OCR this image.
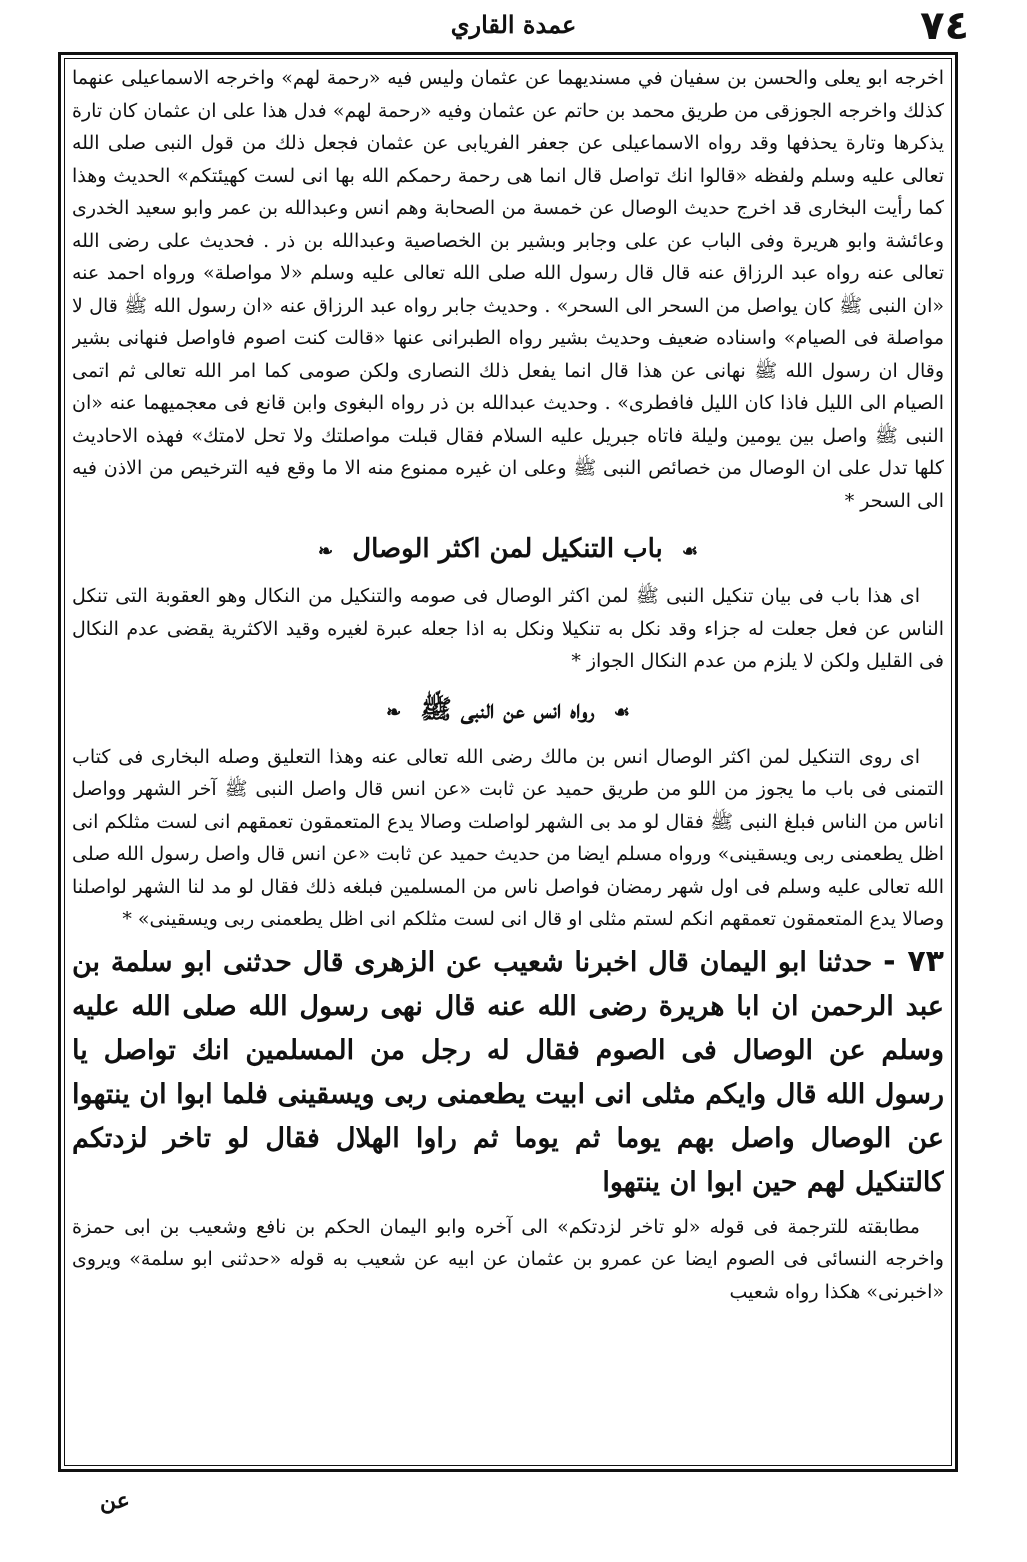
٧٤
عمدة القاري

اخرجه ابو يعلى والحسن بن سفيان في مسنديهما عن عثمان وليس فيه «رحمة لهم» واخرجه الاسماعيلى عنهما كذلك واخرجه الجوزقى من طريق محمد بن حاتم عن عثمان وفيه «رحمة لهم» فدل هذا على ان عثمان كان تارة يذكرها وتارة يحذفها وقد رواه الاسماعيلى عن جعفر الفريابى عن عثمان فجعل ذلك من قول النبى صلى الله تعالى عليه وسلم ولفظه «قالوا انك تواصل قال انما هى رحمة رحمكم الله بها انى لست كهيئتكم» الحديث وهذا كما رأيت البخارى قد اخرج حديث الوصال عن خمسة من الصحابة وهم انس وعبدالله بن عمر وابو سعيد الخدرى وعائشة وابو هريرة وفى الباب عن على وجابر وبشير بن الخصاصية وعبدالله بن ذر . فحديث على رضى الله تعالى عنه رواه عبد الرزاق عنه قال قال رسول الله صلى الله تعالى عليه وسلم «لا مواصلة» ورواه احمد عنه «ان النبى ﷺ كان يواصل من السحر الى السحر» . وحديث جابر رواه عبد الرزاق عنه «ان رسول الله ﷺ قال لا مواصلة فى الصيام» واسناده ضعيف وحديث بشير رواه الطبرانى عنها «قالت كنت اصوم فاواصل فنهانى بشير وقال ان رسول الله ﷺ نهانى عن هذا قال انما يفعل ذلك النصارى ولكن صومى كما امر الله تعالى ثم اتمى الصيام الى الليل فاذا كان الليل فافطرى» . وحديث عبدالله بن ذر رواه البغوى وابن قانع فى معجميهما عنه «ان النبى ﷺ واصل بين يومين وليلة فاتاه جبريل عليه السلام فقال قبلت مواصلتك ولا تحل لامتك» فهذه الاحاديث كلها تدل على ان الوصال من خصائص النبى ﷺ وعلى ان غيره ممنوع منه الا ما وقع فيه الترخيص من الاذن فيه الى السحر *

☙ باب التنكيل لمن اكثر الوصال ❧

اى هذا باب فى بيان تنكيل النبى ﷺ لمن اكثر الوصال فى صومه والتنكيل من النكال وهو العقوبة التى تنكل الناس عن فعل جعلت له جزاء وقد نكل به تنكيلا ونكل به اذا جعله عبرة لغيره وقيد الاكثرية يقضى عدم النكال فى القليل ولكن لا يلزم من عدم النكال الجواز *

☙ رواه انس عن النبى ﷺ ❧

اى روى التنكيل لمن اكثر الوصال انس بن مالك رضى الله تعالى عنه وهذا التعليق وصله البخارى فى كتاب التمنى فى باب ما يجوز من اللو من طريق حميد عن ثابت «عن انس قال واصل النبى ﷺ آخر الشهر وواصل اناس من الناس فبلغ النبى ﷺ فقال لو مد بى الشهر لواصلت وصالا يدع المتعمقون تعمقهم انى لست مثلكم انى اظل يطعمنى ربى ويسقينى» ورواه مسلم ايضا من حديث حميد عن ثابت «عن انس قال واصل رسول الله صلى الله تعالى عليه وسلم فى اول شهر رمضان فواصل ناس من المسلمين فبلغه ذلك فقال لو مد لنا الشهر لواصلنا وصالا يدع المتعمقون تعمقهم انكم لستم مثلى او قال انى لست مثلكم انى اظل يطعمنى ربى ويسقينى» *

٧٣ - حدثنا ابو اليمان قال اخبرنا شعيب عن الزهرى قال حدثنى ابو سلمة بن عبد الرحمن ان ابا هريرة رضى الله عنه قال نهى رسول الله صلى الله عليه وسلم عن الوصال فى الصوم فقال له رجل من المسلمين انك تواصل يا رسول الله قال وايكم مثلى انى ابيت يطعمنى ربى ويسقينى فلما ابوا ان ينتهوا عن الوصال واصل بهم يوما ثم يوما ثم راوا الهلال فقال لو تاخر لزدتكم كالتنكيل لهم حين ابوا ان ينتهوا

مطابقته للترجمة فى قوله «لو تاخر لزدتكم» الى آخره وابو اليمان الحكم بن نافع وشعيب بن ابى حمزة واخرجه النسائى فى الصوم ايضا عن عمرو بن عثمان عن ابيه عن شعيب به قوله «حدثنى ابو سلمة» ويروى «اخبرنى» هكذا رواه شعيب

عن
